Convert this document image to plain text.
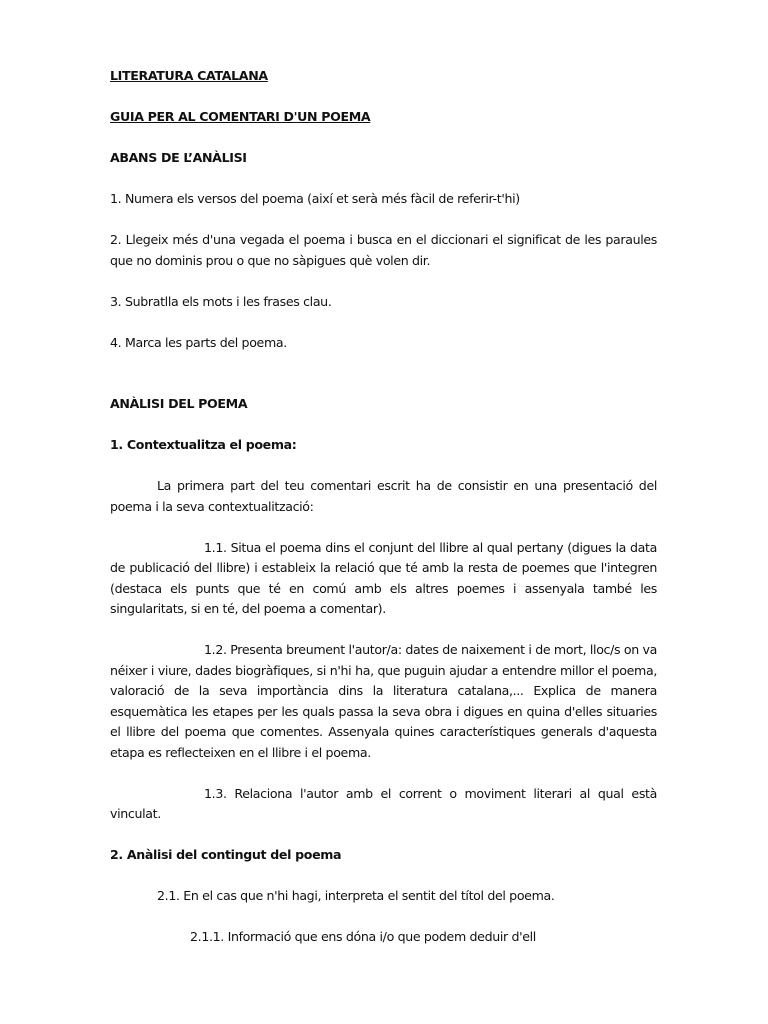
LITERATURA CATALANA

GUIA PER AL COMENTARI D'UN POEMA

ABANS DE L’ANÀLISI

1. Numera els versos del poema (així et serà més fàcil de referir-t'hi)

2. Llegeix més d'una vegada el poema i busca en el diccionari el significat de les paraules que no dominis prou o que no sàpigues què volen dir.

3. Subratlla els mots i les frases clau.

4. Marca les parts del poema.

ANÀLISI DEL POEMA

1. Contextualitza el poema:

La primera part del teu comentari escrit ha de consistir en una presentació del poema i la seva contextualització:

1.1. Situa el poema dins el conjunt del llibre al qual pertany (digues la data de publicació del llibre) i estableix la relació que té amb la resta de poemes que l'integren (destaca els punts que té en comú amb els altres poemes i assenyala també les singularitats, si en té, del poema a comentar).

1.2. Presenta breument l'autor/a: dates de naixement i de mort, lloc/s on va néixer i viure, dades biogràfiques, si n'hi ha, que puguin ajudar a entendre millor el poema, valoració de la seva importància dins la literatura catalana,... Explica de manera esquemàtica les etapes per les quals passa la seva obra i digues en quina d'elles situaries el llibre del poema que comentes. Assenyala quines característiques generals d'aquesta etapa es reflecteixen en el llibre i el poema.

1.3. Relaciona l'autor amb el corrent o moviment literari al qual està vinculat.

2. Anàlisi del contingut del poema

2.1. En el cas que n'hi hagi, interpreta el sentit del títol del poema.

2.1.1. Informació que ens dóna i/o que podem deduir d'ell
